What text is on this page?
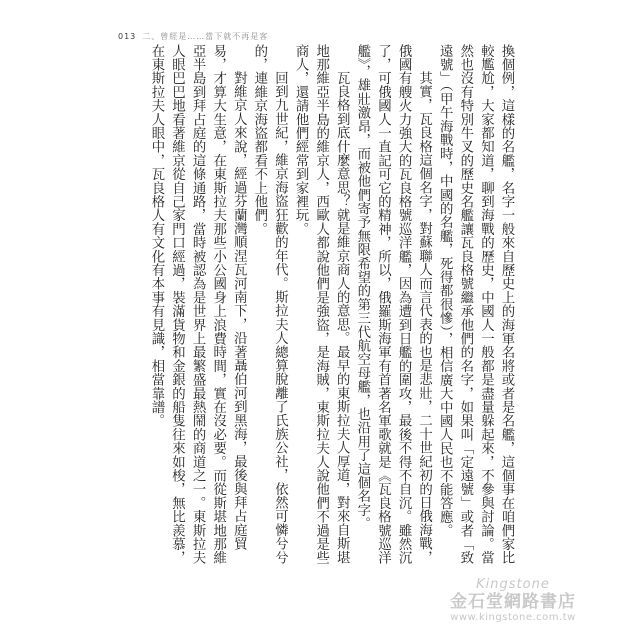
013 二、曾經是……當下就不再是客

換個例，這樣的名艦，名字一般來自歷史上的海軍名將或者是名艦，這個事在咱們家比較尷尬，大家都知道，聊到海戰的歷史，中國人一般都是盡量躲起來，不參與討論。當然也沒有特別牛叉的歷史名艦讓瓦良格號繼承他們的名字，如果叫「定遠號」或者「致遠號」（甲午海戰時，中國的名艦，死得都很慘），相信廣大中國人民也不能答應。

其實，瓦良格這個名字，對蘇聯人而言代表的也是悲壯，二十世紀初的日俄海戰，俄國有艘火力強大的瓦良格號巡洋艦，因為遭到日艦的圍攻，最後不得不自沉。雖然沉了，可俄國人一直記可它的精神，所以，俄羅斯海軍有首著名軍歌就是《瓦良格號巡洋艦》，雄壯激昂，而被他們寄予無限希望的第三代航空母艦，也沿用了這個名字。

瓦良格到底什麼意思？就是維京商人的意思。最早的東斯拉夫人厚道，對來自斯堪地那維亞半島的維京人，西歐人都說他們是強盜，是海賊，東斯拉夫人說他們不過是些商人，還請他們經常到家裡玩。

回到九世紀，維京海盜狂歡的年代。斯拉夫人總算脫離了氏族公社，依然可憐兮兮的，連維京海盜都看不上他們。

對維京人來說，經過芬蘭灣順涅瓦河南下，沿著聶伯河到黑海，最後與拜占庭貿易，才算大生意，在東斯拉夫那些小公國身上浪費時間，實在沒必要。而從斯堪地那維亞半島到拜占庭的這條通路，當時被認為是世界上最繁盛最熱鬧的商道之一。東斯拉夫人眼巴巴地看著維京從自己家門口經過，裝滿貨物和金銀的船隻往來如梭，無比羨慕，在東斯拉夫人眼中，瓦良格人有文化有本事有見識，相當靠譜。

Kingstone
金石堂網路書店
www.kingstone.com.tw
